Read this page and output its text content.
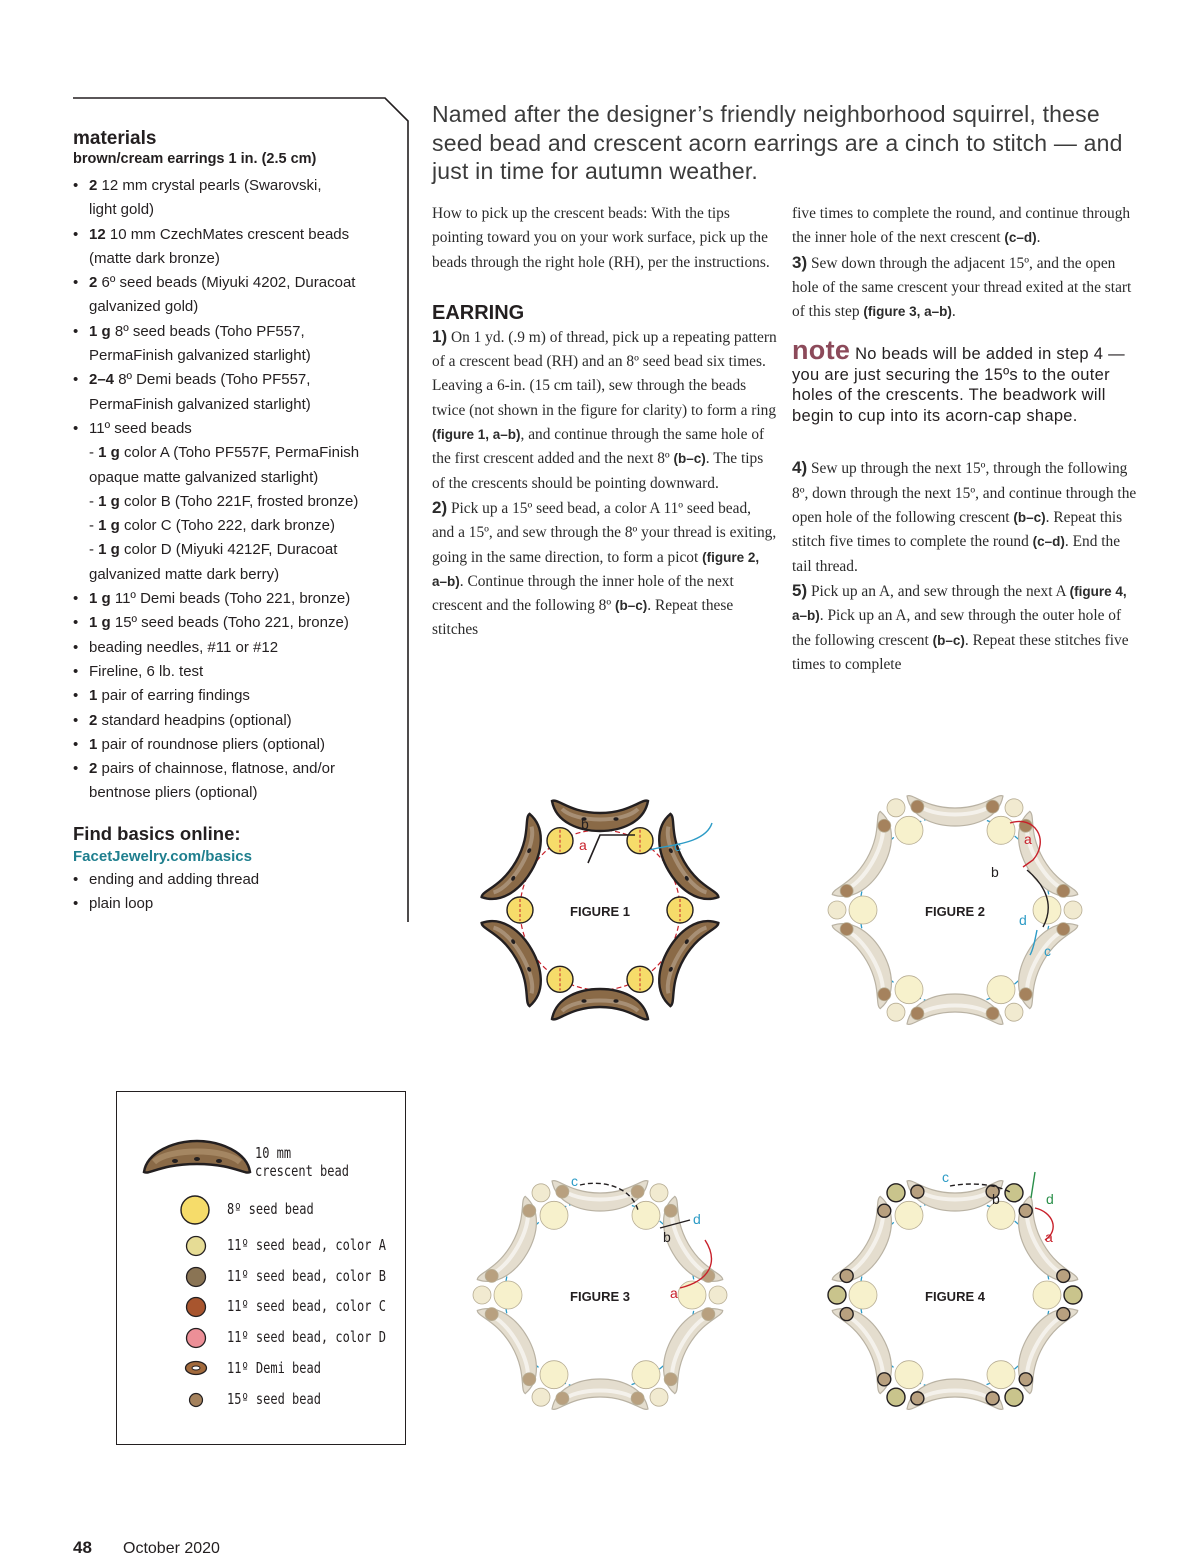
materials
brown/cream earrings 1 in. (2.5 cm)
• 2 12 mm crystal pearls (Swarovski,
light gold)
• 12 10 mm CzechMates crescent beads
(matte dark bronze)
• 2 6º seed beads (Miyuki 4202, Duracoat
galvanized gold)
• 1 g 8º seed beads (Toho PF557,
PermaFinish galvanized starlight)
• 2–4 8º Demi beads (Toho PF557,
PermaFinish galvanized starlight)
• 11º seed beads
- 1 g color A (Toho PF557F, PermaFinish
opaque matte galvanized starlight)
- 1 g color B (Toho 221F, frosted bronze)
- 1 g color C (Toho 222, dark bronze)
- 1 g color D (Miyuki 4212F, Duracoat
galvanized matte dark berry)
• 1 g 11º Demi beads (Toho 221, bronze)
• 1 g 15º seed beads (Toho 221, bronze)
• beading needles, #11 or #12
• Fireline, 6 lb. test
• 1 pair of earring findings
• 2 standard headpins (optional)
• 1 pair of roundnose pliers (optional)
• 2 pairs of chainnose, flatnose, and/or
bentnose pliers (optional)
Find basics online:
FacetJewelry.com/basics
• ending and adding thread
• plain loop
Named after the designer’s friendly neighborhood squirrel, these seed bead and crescent acorn earrings are a cinch to stitch — and just in time for autumn weather.

How to pick up the crescent beads: With the tips pointing toward you on your work surface, pick up the beads through the right hole (RH), per the instructions.

EARRING

1) On 1 yd. (.9 m) of thread, pick up a repeating pattern of a crescent bead (RH) and an 8º seed bead six times. Leaving a 6-in. (15 cm tail), sew through the beads twice (not shown in the figure for clarity) to form a ring (figure 1, a–b), and continue through the same hole of the first crescent added and the next 8º (b–c). The tips of the crescents should be pointing downward.

2) Pick up a 15º seed bead, a color A 11º seed bead, and a 15º, and sew through the 8º your thread is exiting, going in the same direction, to form a picot (figure 2, a–b). Continue through the inner hole of the next crescent and the following 8º (b–c). Repeat these stitches

five times to complete the round, and continue through the inner hole of the next crescent (c–d).

3) Sew down through the adjacent 15º, and the open hole of the same crescent your thread exited at the start of this step (figure 3, a–b).

note No beads will be added in step 4 — you are just securing the 15ºs to the outer holes of the crescents. The beadwork will begin to cup into its acorn-cap shape.

4) Sew up through the next 15º, through the following 8º, down through the next 15º, and continue through the open hole of the following crescent (b–c). Repeat this stitch five times to complete the round (c–d). End the tail thread.

5) Pick up an A, and sew through the next A (figure 4, a–b). Pick up an A, and sew through the outer hole of the following crescent (b–c). Repeat these stitches five times to complete

b
a	c
FIGURE 1
a
b
c
d
FIGURE 2
c
b
d
a
FIGURE 3
c
b	d
a
FIGURE 4
10 mm
crescent bead
8º seed bead
11º seed bead, color A
11º seed bead, color B
11º seed bead, color C
11º seed bead, color D
11º Demi bead
15º seed bead
48 October 2020
